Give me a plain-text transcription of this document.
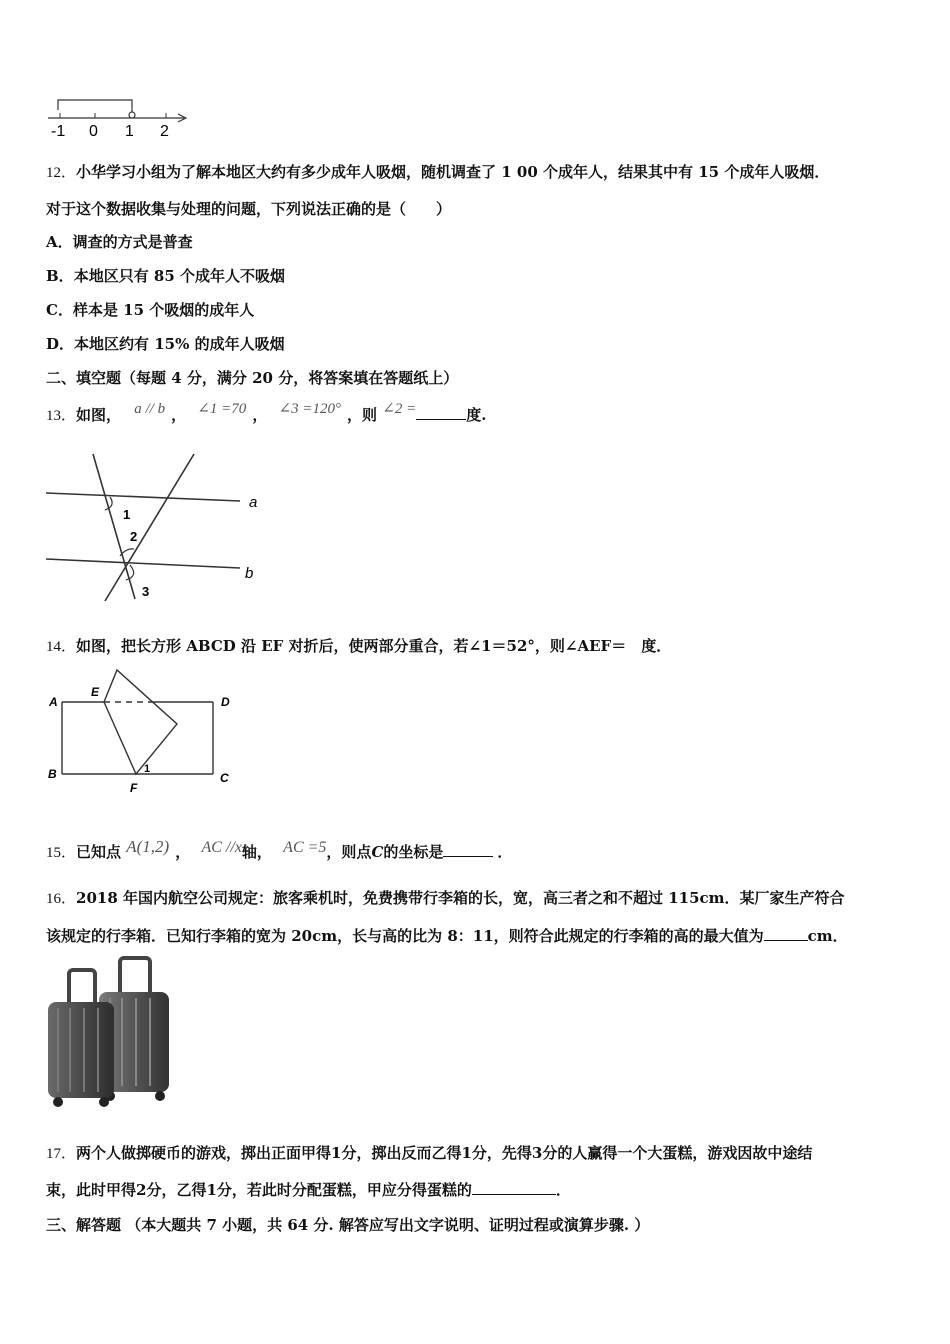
-1 0 1 2
12．小华学习小组为了解本地区大约有多少成年人吸烟，随机调查了 1 00 个成年人，结果其中有 15 个成年人吸烟．
对于这个数据收集与处理的问题，下列说法正确的是（　　）
A．调查的方式是普查
B．本地区只有 85 个成年人不吸烟
C．样本是 15 个吸烟的成年人
D．本地区约有 15% 的成年人吸烟
二、填空题（每题 4 分，满分 20 分，将答案填在答题纸上）
13．如图， a // b ， ∠1 =70 ， ∠3 =120° ，则 ∠2 =	度.
a
b
1
2
3
14．如图，把长方形 ABCD 沿 EF 对折后，使两部分重合，若∠1＝52°，则∠AEF＝　度．
A
B	C
D
E
F
1
15．已知点 A(1,2) ， AC //x轴， AC =5，则点C的坐标是	．
16．2018 年国内航空公司规定：旅客乘机时，免费携带行李箱的长，宽，高三者之和不超过 115cm．某厂家生产符合
该规定的行李箱．已知行李箱的宽为 20cm，长与高的比为 8：11，则符合此规定的行李箱的高的最大值为	cm．
17．两个人做掷硬币的游戏，掷出正面甲得1分，掷出反而乙得1分，先得3分的人赢得一个大蛋糕，游戏因故中途结
束，此时甲得2分，乙得1分，若此时分配蛋糕，甲应分得蛋糕的	．
三、解答题 （本大题共 7 小题，共 64 分. 解答应写出文字说明、证明过程或演算步骤. ）
